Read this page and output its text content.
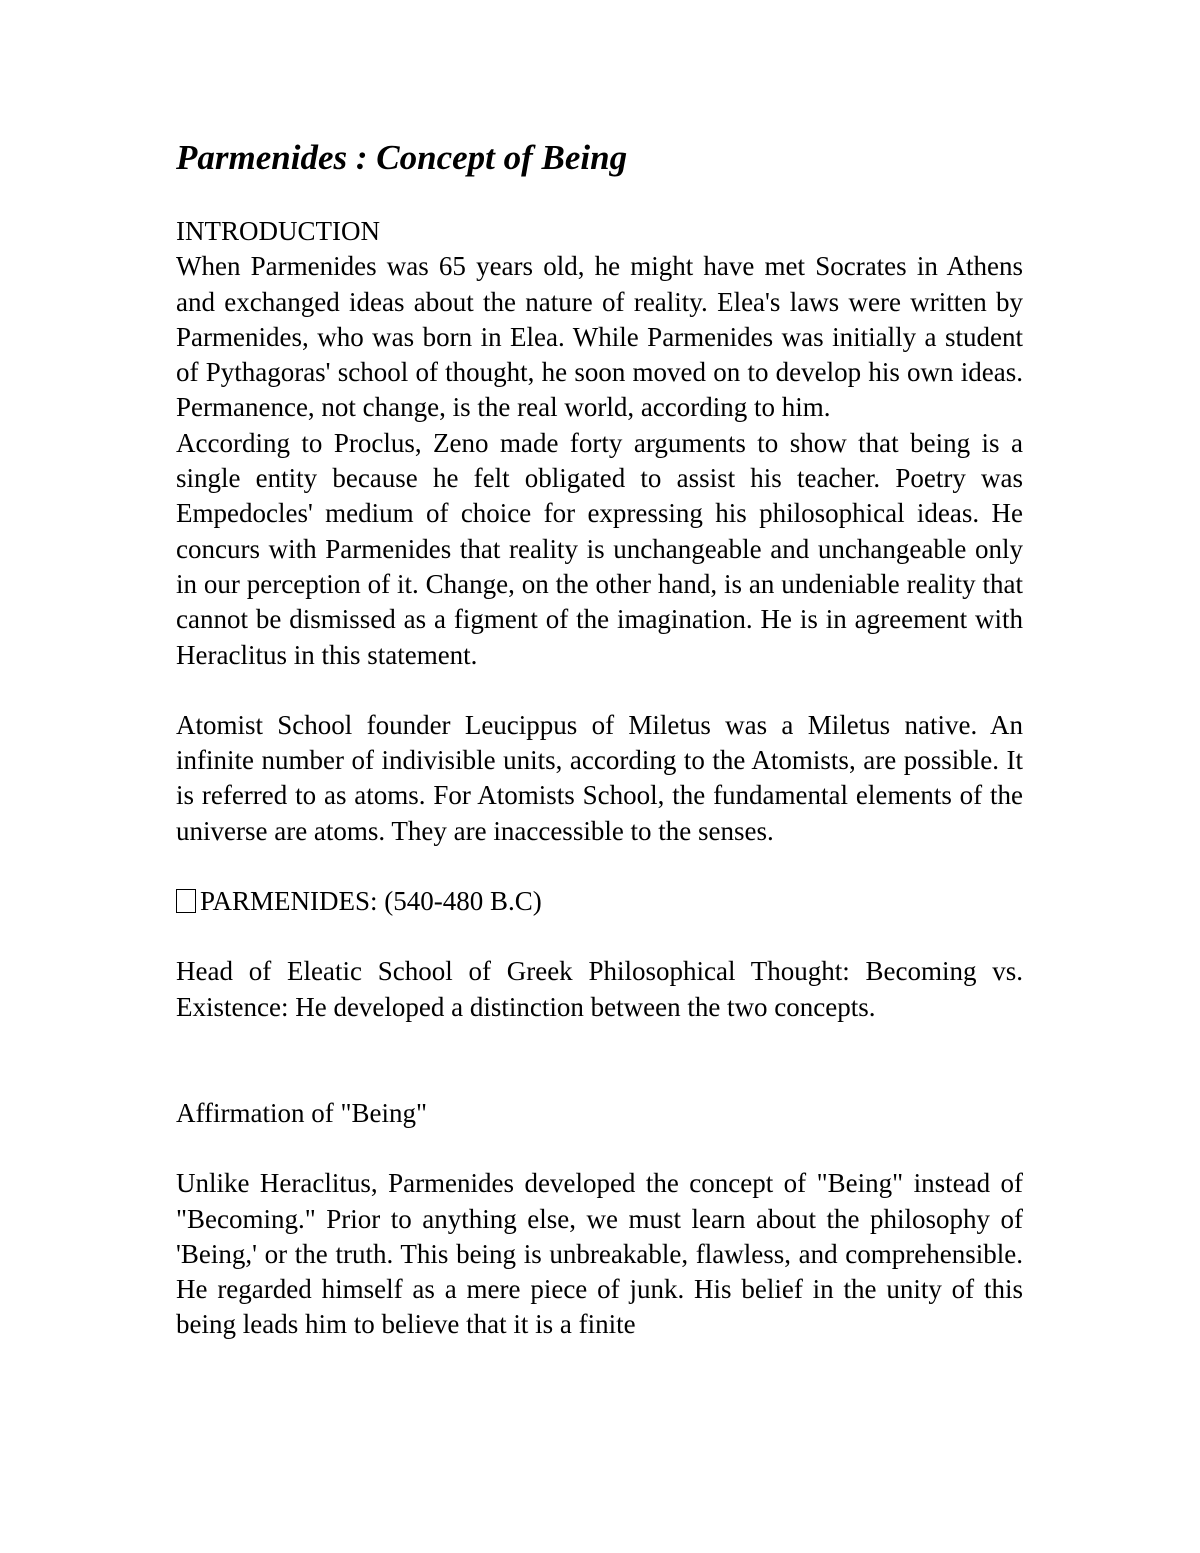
Parmenides : Concept of Being

INTRODUCTION

When Parmenides was 65 years old, he might have met Socrates in Athens and exchanged ideas about the nature of reality. Elea's laws were written by Parmenides, who was born in Elea. While Parmenides was initially a student of Pythagoras' school of thought, he soon moved on to develop his own ideas. Permanence, not change, is the real world, according to him.

According to Proclus, Zeno made forty arguments to show that being is a single entity because he felt obligated to assist his teacher. Poetry was Empedocles' medium of choice for expressing his philosophical ideas. He concurs with Parmenides that reality is unchangeable and unchangeable only in our perception of it. Change, on the other hand, is an undeniable reality that cannot be dismissed as a figment of the imagination. He is in agreement with Heraclitus in this statement.

Atomist School founder Leucippus of Miletus was a Miletus native. An infinite number of indivisible units, according to the Atomists, are possible. It is referred to as atoms. For Atomists School, the fundamental elements of the universe are atoms. They are inaccessible to the senses.

PARMENIDES: (540-480 B.C)

Head of Eleatic School of Greek Philosophical Thought: Becoming vs. Existence: He developed a distinction between the two concepts.

Affirmation of "Being"

Unlike Heraclitus, Parmenides developed the concept of "Being" instead of "Becoming." Prior to anything else, we must learn about the philosophy of 'Being,' or the truth. This being is unbreakable, flawless, and comprehensible. He regarded himself as a mere piece of junk. His belief in the unity of this being leads him to believe that it is a finite
